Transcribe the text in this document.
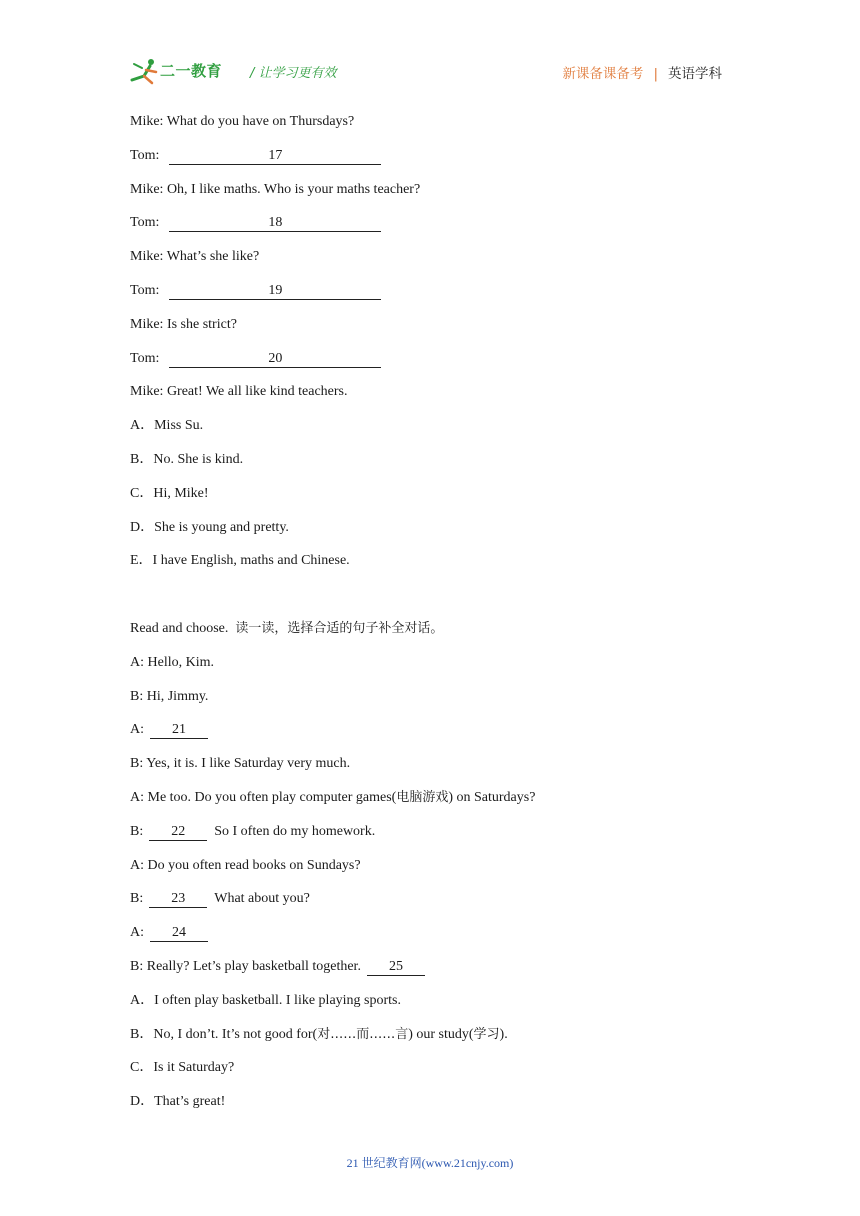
二一教育 / 让学习更有效	新课备课备考 | 英语学科
Mike: What do you have on Thursdays?
Tom:	17
Mike: Oh, I like maths. Who is your maths teacher?
Tom:	18
Mike: What’s she like?
Tom:	19
Mike: Is she strict?
Tom:	20
Mike: Great! We all like kind teachers.
A．Miss Su.
B．No. She is kind.
C．Hi, Mike!
D．She is young and pretty.
E．I have English, maths and Chinese.
Read and choose. 读一读，选择合适的句子补全对话。
A: Hello, Kim.
B: Hi, Jimmy.
A: 21
B: Yes, it is. I like Saturday very much.
A: Me too. Do you often play computer games(电脑游戏) on Saturdays?
B: 22 So I often do my homework.
A: Do you often read books on Sundays?
B: 23 What about you?
A: 24
B: Really? Let’s play basketball together. 25
A．I often play basketball. I like playing sports.
B．No, I don’t. It’s not good for(对……而……言) our study(学习).
C．Is it Saturday?
D．That’s great!
21 世纪教育网(www.21cnjy.com)
